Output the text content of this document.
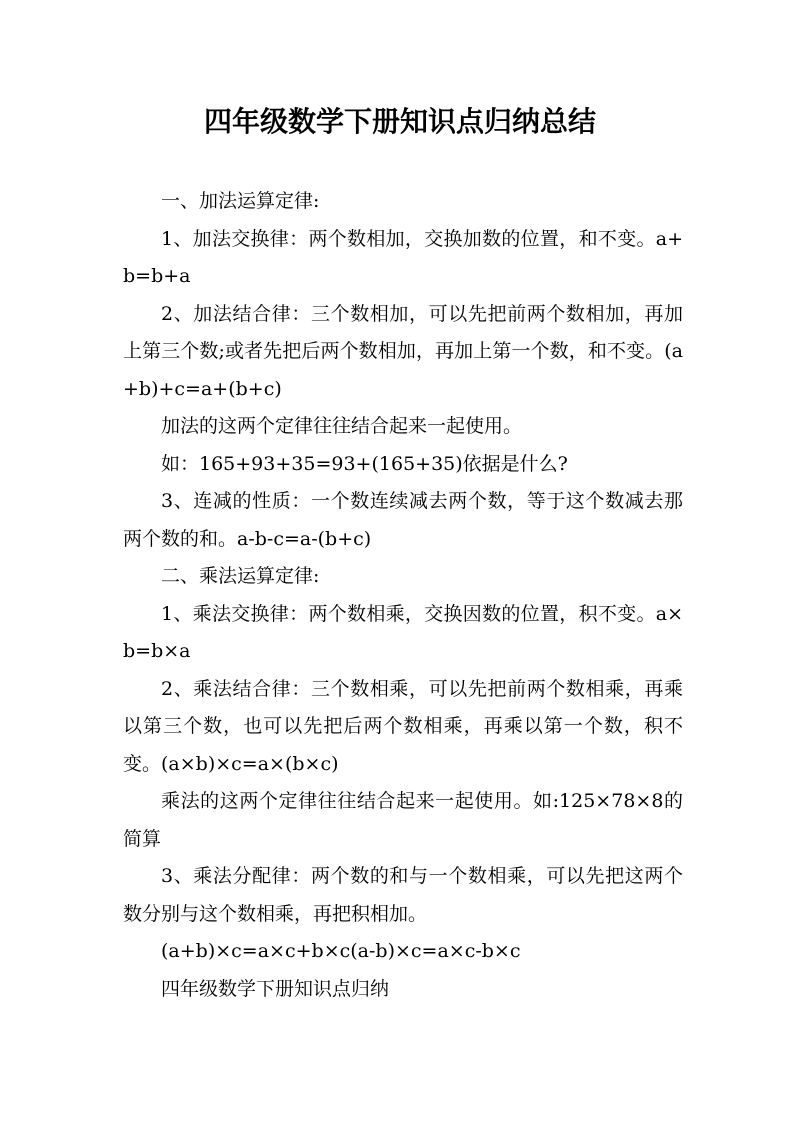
四年级数学下册知识点归纳总结

一、加法运算定律:

1、加法交换律：两个数相加，交换加数的位置，和不变。a+b=b+a

2、加法结合律：三个数相加，可以先把前两个数相加，再加上第三个数;或者先把后两个数相加，再加上第一个数，和不变。(a+b)+c=a+(b+c)

加法的这两个定律往往结合起来一起使用。

如：165+93+35=93+(165+35)依据是什么?

3、连减的性质：一个数连续减去两个数，等于这个数减去那两个数的和。a-b-c=a-(b+c)

二、乘法运算定律:

1、乘法交换律：两个数相乘，交换因数的位置，积不变。a×b=b×a

2、乘法结合律：三个数相乘，可以先把前两个数相乘，再乘以第三个数，也可以先把后两个数相乘，再乘以第一个数，积不变。(a×b)×c=a×(b×c)

乘法的这两个定律往往结合起来一起使用。如:125×78×8的简算

3、乘法分配律：两个数的和与一个数相乘，可以先把这两个数分别与这个数相乘，再把积相加。

(a+b)×c=a×c+b×c(a-b)×c=a×c-b×c

四年级数学下册知识点归纳
